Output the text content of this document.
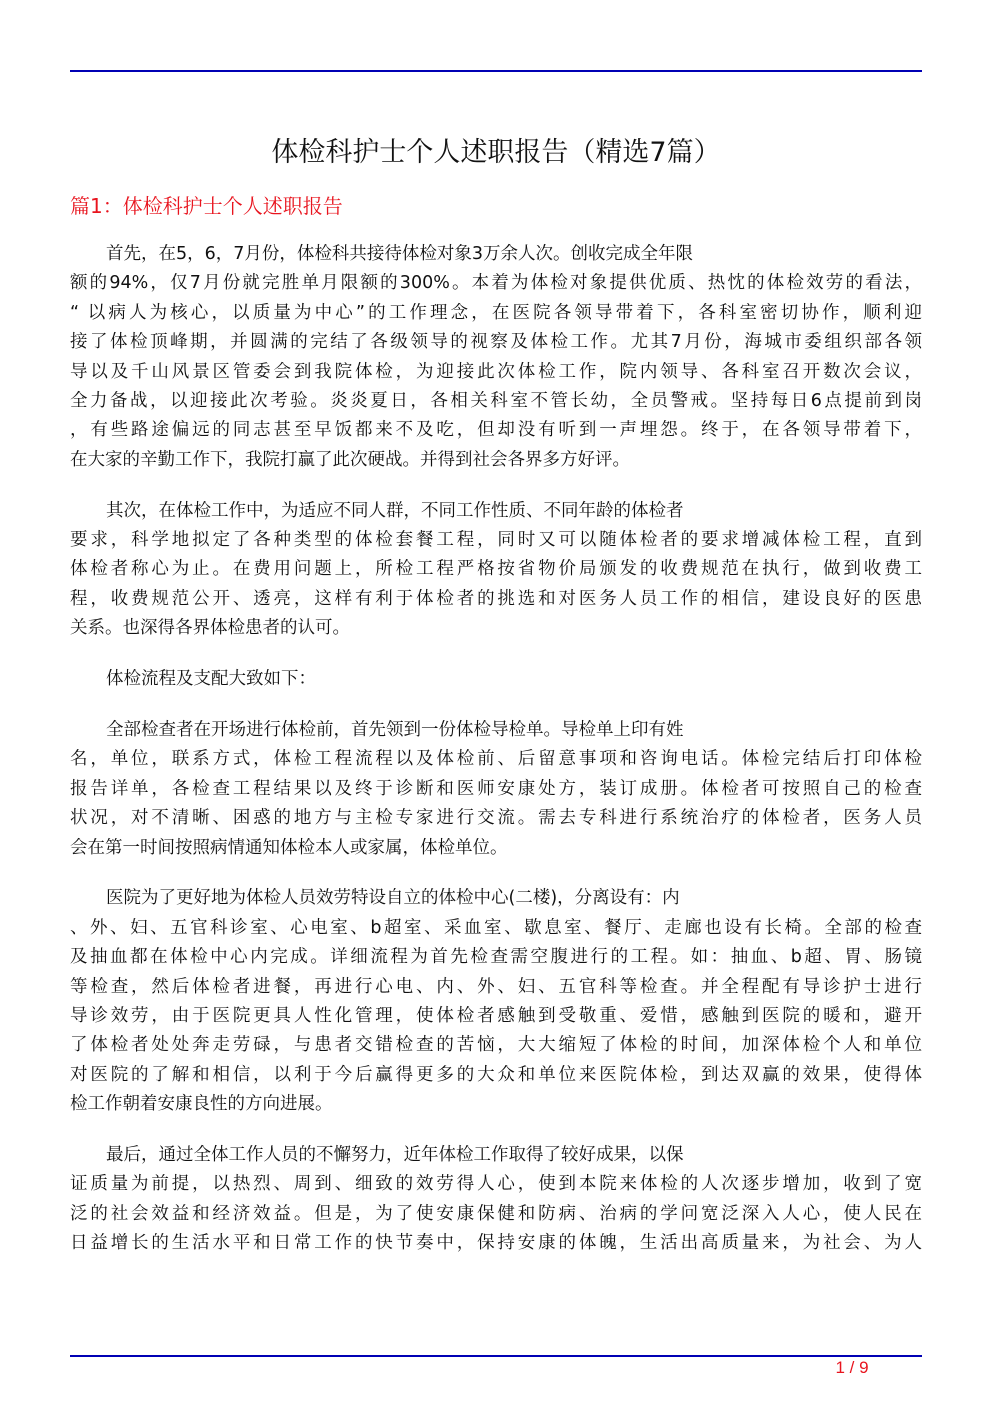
体检科护士个人述职报告（精选7篇）
篇1：体检科护士个人述职报告
首先，在5，6，7月份，体检科共接待体检对象3万余人次。创收完成全年限
额的94%，仅7月份就完胜单月限额的300%。本着为体检对象提供优质、热忱的体检效劳的看法，
“ 以病人为核心，以质量为中心”的工作理念，在医院各领导带着下，各科室密切协作，顺利迎
接了体检顶峰期，并圆满的完结了各级领导的视察及体检工作。尤其7月份，海城市委组织部各领
导以及千山风景区管委会到我院体检，为迎接此次体检工作，院内领导、各科室召开数次会议，
全力备战，以迎接此次考验。炎炎夏日，各相关科室不管长幼，全员警戒。坚持每日6点提前到岗
，有些路途偏远的同志甚至早饭都来不及吃，但却没有听到一声埋怨。终于，在各领导带着下，
在大家的辛勤工作下，我院打赢了此次硬战。并得到社会各界多方好评。
其次，在体检工作中，为适应不同人群，不同工作性质、不同年龄的体检者
要求，科学地拟定了各种类型的体检套餐工程，同时又可以随体检者的要求增减体检工程，直到
体检者称心为止。在费用问题上，所检工程严格按省物价局颁发的收费规范在执行，做到收费工
程，收费规范公开、透亮，这样有利于体检者的挑选和对医务人员工作的相信，建设良好的医患
关系。也深得各界体检患者的认可。
体检流程及支配大致如下：
全部检查者在开场进行体检前，首先领到一份体检导检单。导检单上印有姓
名，单位，联系方式，体检工程流程以及体检前、后留意事项和咨询电话。体检完结后打印体检
报告详单，各检查工程结果以及终于诊断和医师安康处方，装订成册。体检者可按照自己的检查
状况，对不清晰、困惑的地方与主检专家进行交流。需去专科进行系统治疗的体检者，医务人员
会在第一时间按照病情通知体检本人或家属，体检单位。
医院为了更好地为体检人员效劳特设自立的体检中心(二楼)，分离设有：内
、外、妇、五官科诊室、心电室、b超室、采血室、歇息室、餐厅、走廊也设有长椅。全部的检查
及抽血都在体检中心内完成。详细流程为首先检查需空腹进行的工程。如：抽血、b超、胃、肠镜
等检查，然后体检者进餐，再进行心电、内、外、妇、五官科等检查。并全程配有导诊护士进行
导诊效劳，由于医院更具人性化管理，使体检者感触到受敬重、爱惜，感触到医院的暖和，避开
了体检者处处奔走劳碌，与患者交错检查的苦恼，大大缩短了体检的时间，加深体检个人和单位
对医院的了解和相信，以利于今后赢得更多的大众和单位来医院体检，到达双赢的效果，使得体
检工作朝着安康良性的方向进展。
最后，通过全体工作人员的不懈努力，近年体检工作取得了较好成果，以保
证质量为前提，以热烈、周到、细致的效劳得人心，使到本院来体检的人次逐步增加，收到了宽
泛的社会效益和经济效益。但是，为了使安康保健和防病、治病的学问宽泛深入人心，使人民在
日益增长的生活水平和日常工作的快节奏中，保持安康的体魄，生活出高质量来，为社会、为人
1 / 9
